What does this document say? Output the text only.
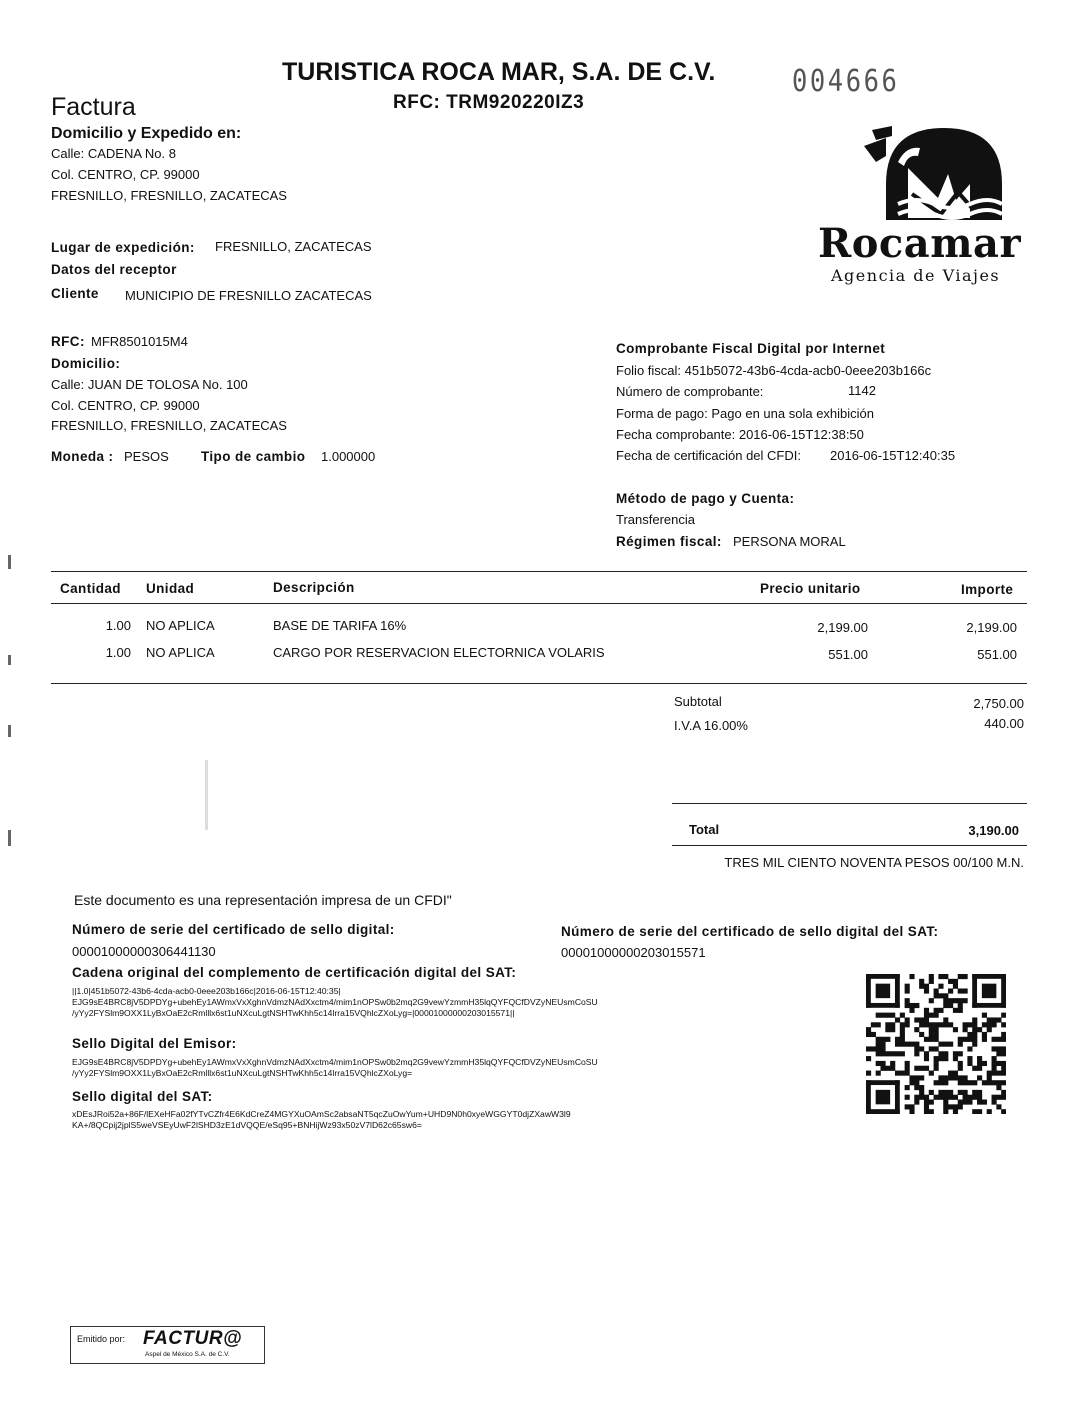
TURISTICA ROCA MAR, S.A. DE C.V.
RFC: TRM920220IZ3
004666
Factura
Domicilio y Expedido en:
Calle: CADENA No. 8
Col. CENTRO, CP. 99000
FRESNILLO, FRESNILLO, ZACATECAS
Rocamar
Agencia de Viajes
Lugar de expedición: FRESNILLO, ZACATECAS
Datos del receptor
Cliente MUNICIPIO DE FRESNILLO ZACATECAS
RFC: MFR8501015M4
Domicilio:
Calle: JUAN DE TOLOSA No. 100
Col. CENTRO, CP. 99000
FRESNILLO, FRESNILLO, ZACATECAS
Moneda : PESOS Tipo de cambio 1.000000
Comprobante Fiscal Digital por Internet
Folio fiscal: 451b5072-43b6-4cda-acb0-0eee203b166c
Número de comprobante:	1142
Forma de pago: Pago en una sola exhibición
Fecha comprobante: 2016-06-15T12:38:50
Fecha de certificación del CFDI: 2016-06-15T12:40:35
Método de pago y Cuenta:
Transferencia
Régimen fiscal: PERSONA MORAL
Cantidad Unidad	Descripción	Precio unitario	Importe
1.00 NO APLICA	BASE DE TARIFA 16%	2,199.00	2,199.00
1.00 NO APLICA	CARGO POR RESERVACION ELECTORNICA VOLARIS	551.00	551.00
Subtotal	2,750.00
I.V.A 16.00%	440.00
Total	3,190.00
TRES MIL CIENTO NOVENTA PESOS 00/100 M.N.
Este documento es una representación impresa de un CFDI"
Número de serie del certificado de sello digital:
00001000000306441130
Número de serie del certificado de sello digital del SAT:
00001000000203015571
Cadena original del complemento de certificación digital del SAT:
||1.0|451b5072-43b6-4cda-acb0-0eee203b166c|2016-06-15T12:40:35|
EJG9sE4BRC8jV5DPDYg+ubehEy1AWmxVxXghnVdmzNAdXxctm4/mim1nOPSw0b2mq2G9vewYzmmH35lqQYFQCfDVZyNEUsmCoSU
/yYy2FYSlm9OXX1LyBxOaE2cRmlllx6st1uNXcuLgtNSHTwKhh5c14lrra15VQhlcZXoLyg=|00001000000203015571||
Sello Digital del Emisor:
EJG9sE4BRC8jV5DPDYg+ubehEy1AWmxVxXghnVdmzNAdXxctm4/mim1nOPSw0b2mq2G9vewYzmmH35lqQYFQCfDVZyNEUsmCoSU
/yYy2FYSlm9OXX1LyBxOaE2cRmlllx6st1uNXcuLgtNSHTwKhh5c14lrra15VQhlcZXoLyg=
Sello digital del SAT:
xDEsJRoi52a+86F/lEXeHFa02fYTvCZfr4E6KdCreZ4MGYXuOAmSc2absaNT5qcZuOwYum+UHD9N0h0xyeWGGYT0djZXawW3l9
KA+/8QCpij2jplS5weVSEyUwF2lSHD3zE1dVQQE/eSq95+BNHijWz93x50zV7lD62c65sw6=
Emitido por: FACTUR@
Aspel de México S.A. de C.V.
